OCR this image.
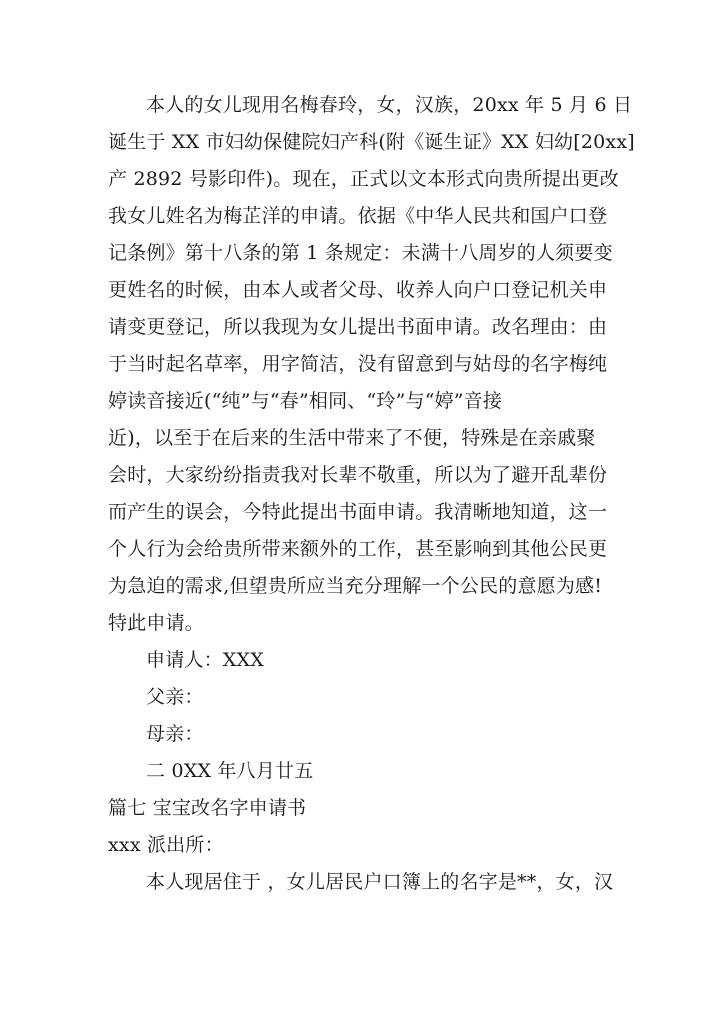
本人的女儿现用名梅春玲，女，汉族，20xx 年 5 月 6 日
诞生于 XX 市妇幼保健院妇产科(附《诞生证》XX 妇幼[20xx]
产 2892 号影印件)。现在，正式以文本形式向贵所提出更改
我女儿姓名为梅芷洋的申请。依据《中华人民共和国户口登
记条例》第十八条的第 1 条规定：未满十八周岁的人须要变
更姓名的时候，由本人或者父母、收养人向户口登记机关申
请变更登记，所以我现为女儿提出书面申请。改名理由：由
于当时起名草率，用字简洁，没有留意到与姑母的名字梅纯
婷读音接近(“纯”与“春”相同、“玲”与“婷”音接
近)，以至于在后来的生活中带来了不便，特殊是在亲戚聚
会时，大家纷纷指责我对长辈不敬重，所以为了避开乱辈份
而产生的误会，今特此提出书面申请。我清晰地知道，这一
个人行为会给贵所带来额外的工作，甚至影响到其他公民更
为急迫的需求,但望贵所应当充分理解一个公民的意愿为感!
特此申请。
申请人：XXX
父亲：
母亲：
二 0XX 年八月廿五
篇七 宝宝改名字申请书
xxx 派出所：
本人现居住于 ，女儿居民户口簿上的名字是**，女，汉
